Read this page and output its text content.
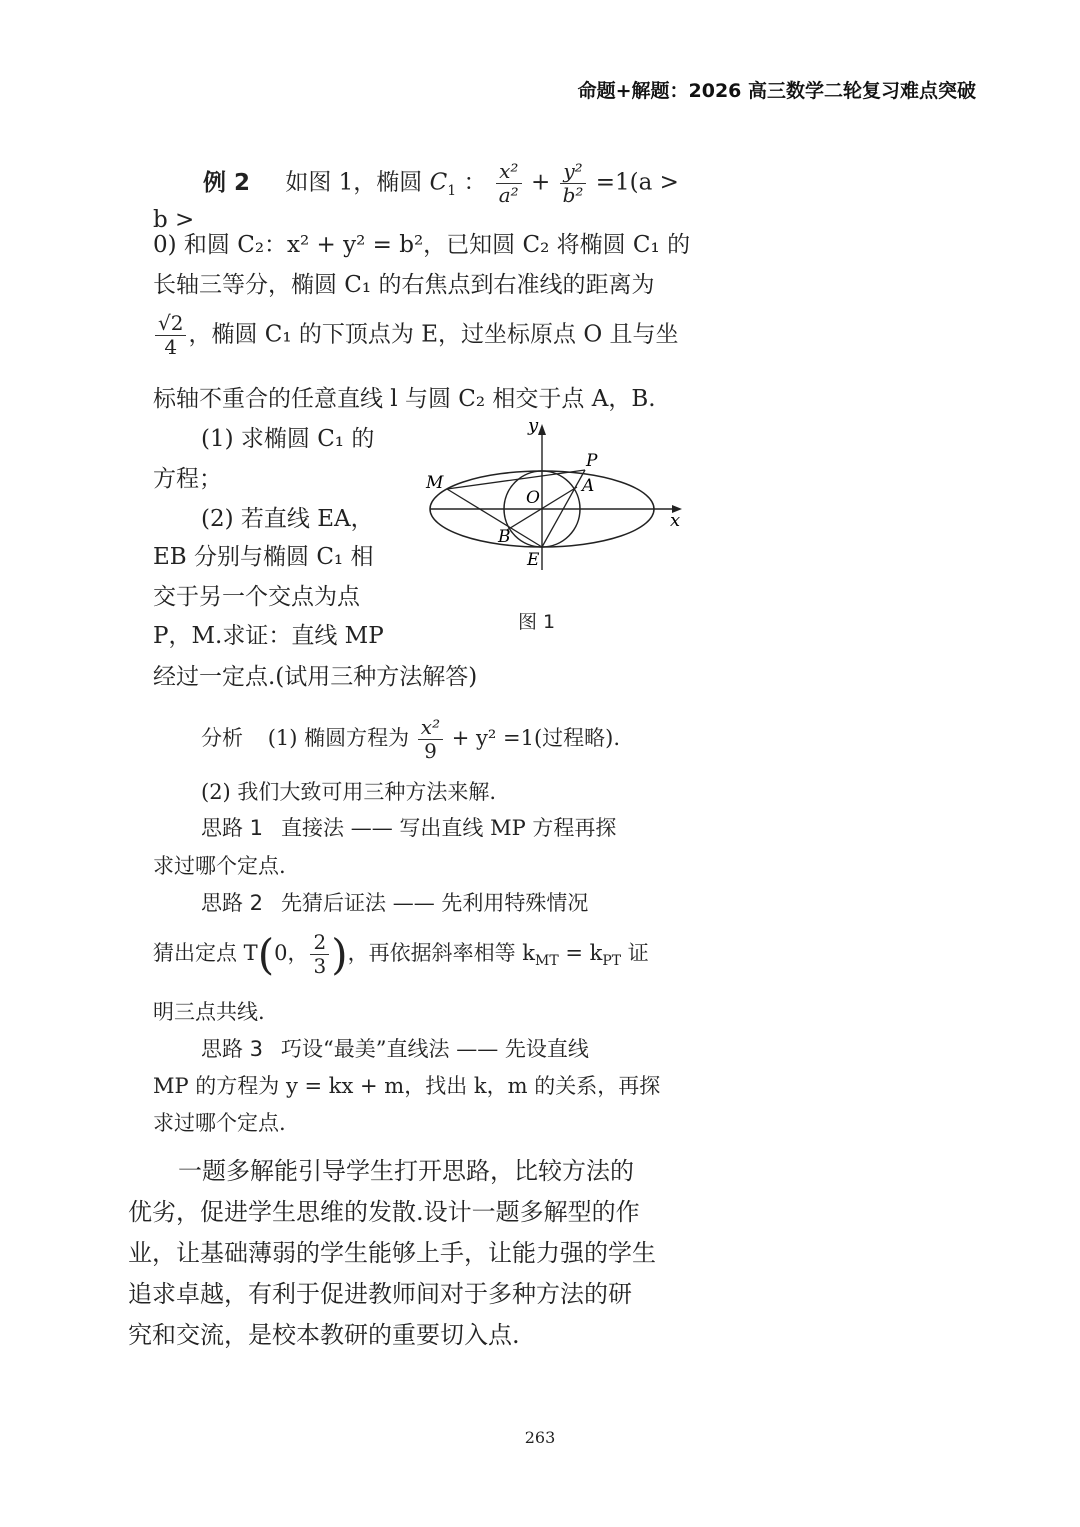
命题+解题：2026 高三数学二轮复习难点突破
例 2 如图 1，椭圆 $C_1$ ： $\frac{\text{x²}}{\text{a²}} + \frac{\text{y²}}{\text{b²}} =1(a > b$ >
0) 和圆 C₂：x² + y² = b²，已知圆 C₂ 将椭圆 C₁ 的
长轴三等分，椭圆 C₁ 的右焦点到右准线的距离为
$\frac{√2}{4}$ ，椭圆 C₁ 的下顶点为 E，过坐标原点 O 且与坐
标轴不重合的任意直线 l 与圆 C₂ 相交于点 A，B.
(1) 求椭圆 C₁ 的
方程；
(2) 若直线 EA，
EB 分别与椭圆 C₁ 相
交于另一个交点为点
P，M.求证：直线 MP
经过一定点.(试用三种方法解答)
y
x
P
M	A
O
B
E
图 1
分析 (1) 椭圆方程为 $\frac{\text{x²}}{9} + y^2 =1$(过程略).
(2) 我们大致可用三种方法来解.
思路 1 直接法 —— 写出直线 MP 方程再探
求过哪个定点.
思路 2 先猜后证法 —— 先利用特殊情况
猜出定点 T(0， $\frac{2}{3}$ )，再依据斜率相等 $k_{MT} = k_{PT}$ 证
明三点共线.
思路 3 巧设“最美”直线法 —— 先设直线
MP 的方程为 y = kx + m，找出 k，m 的关系，再探
求过哪个定点.
一题多解能引导学生打开思路，比较方法的
优劣，促进学生思维的发散.设计一题多解型的作
业，让基础薄弱的学生能够上手，让能力强的学生
追求卓越，有利于促进教师间对于多种方法的研
究和交流，是校本教研的重要切入点.
263
